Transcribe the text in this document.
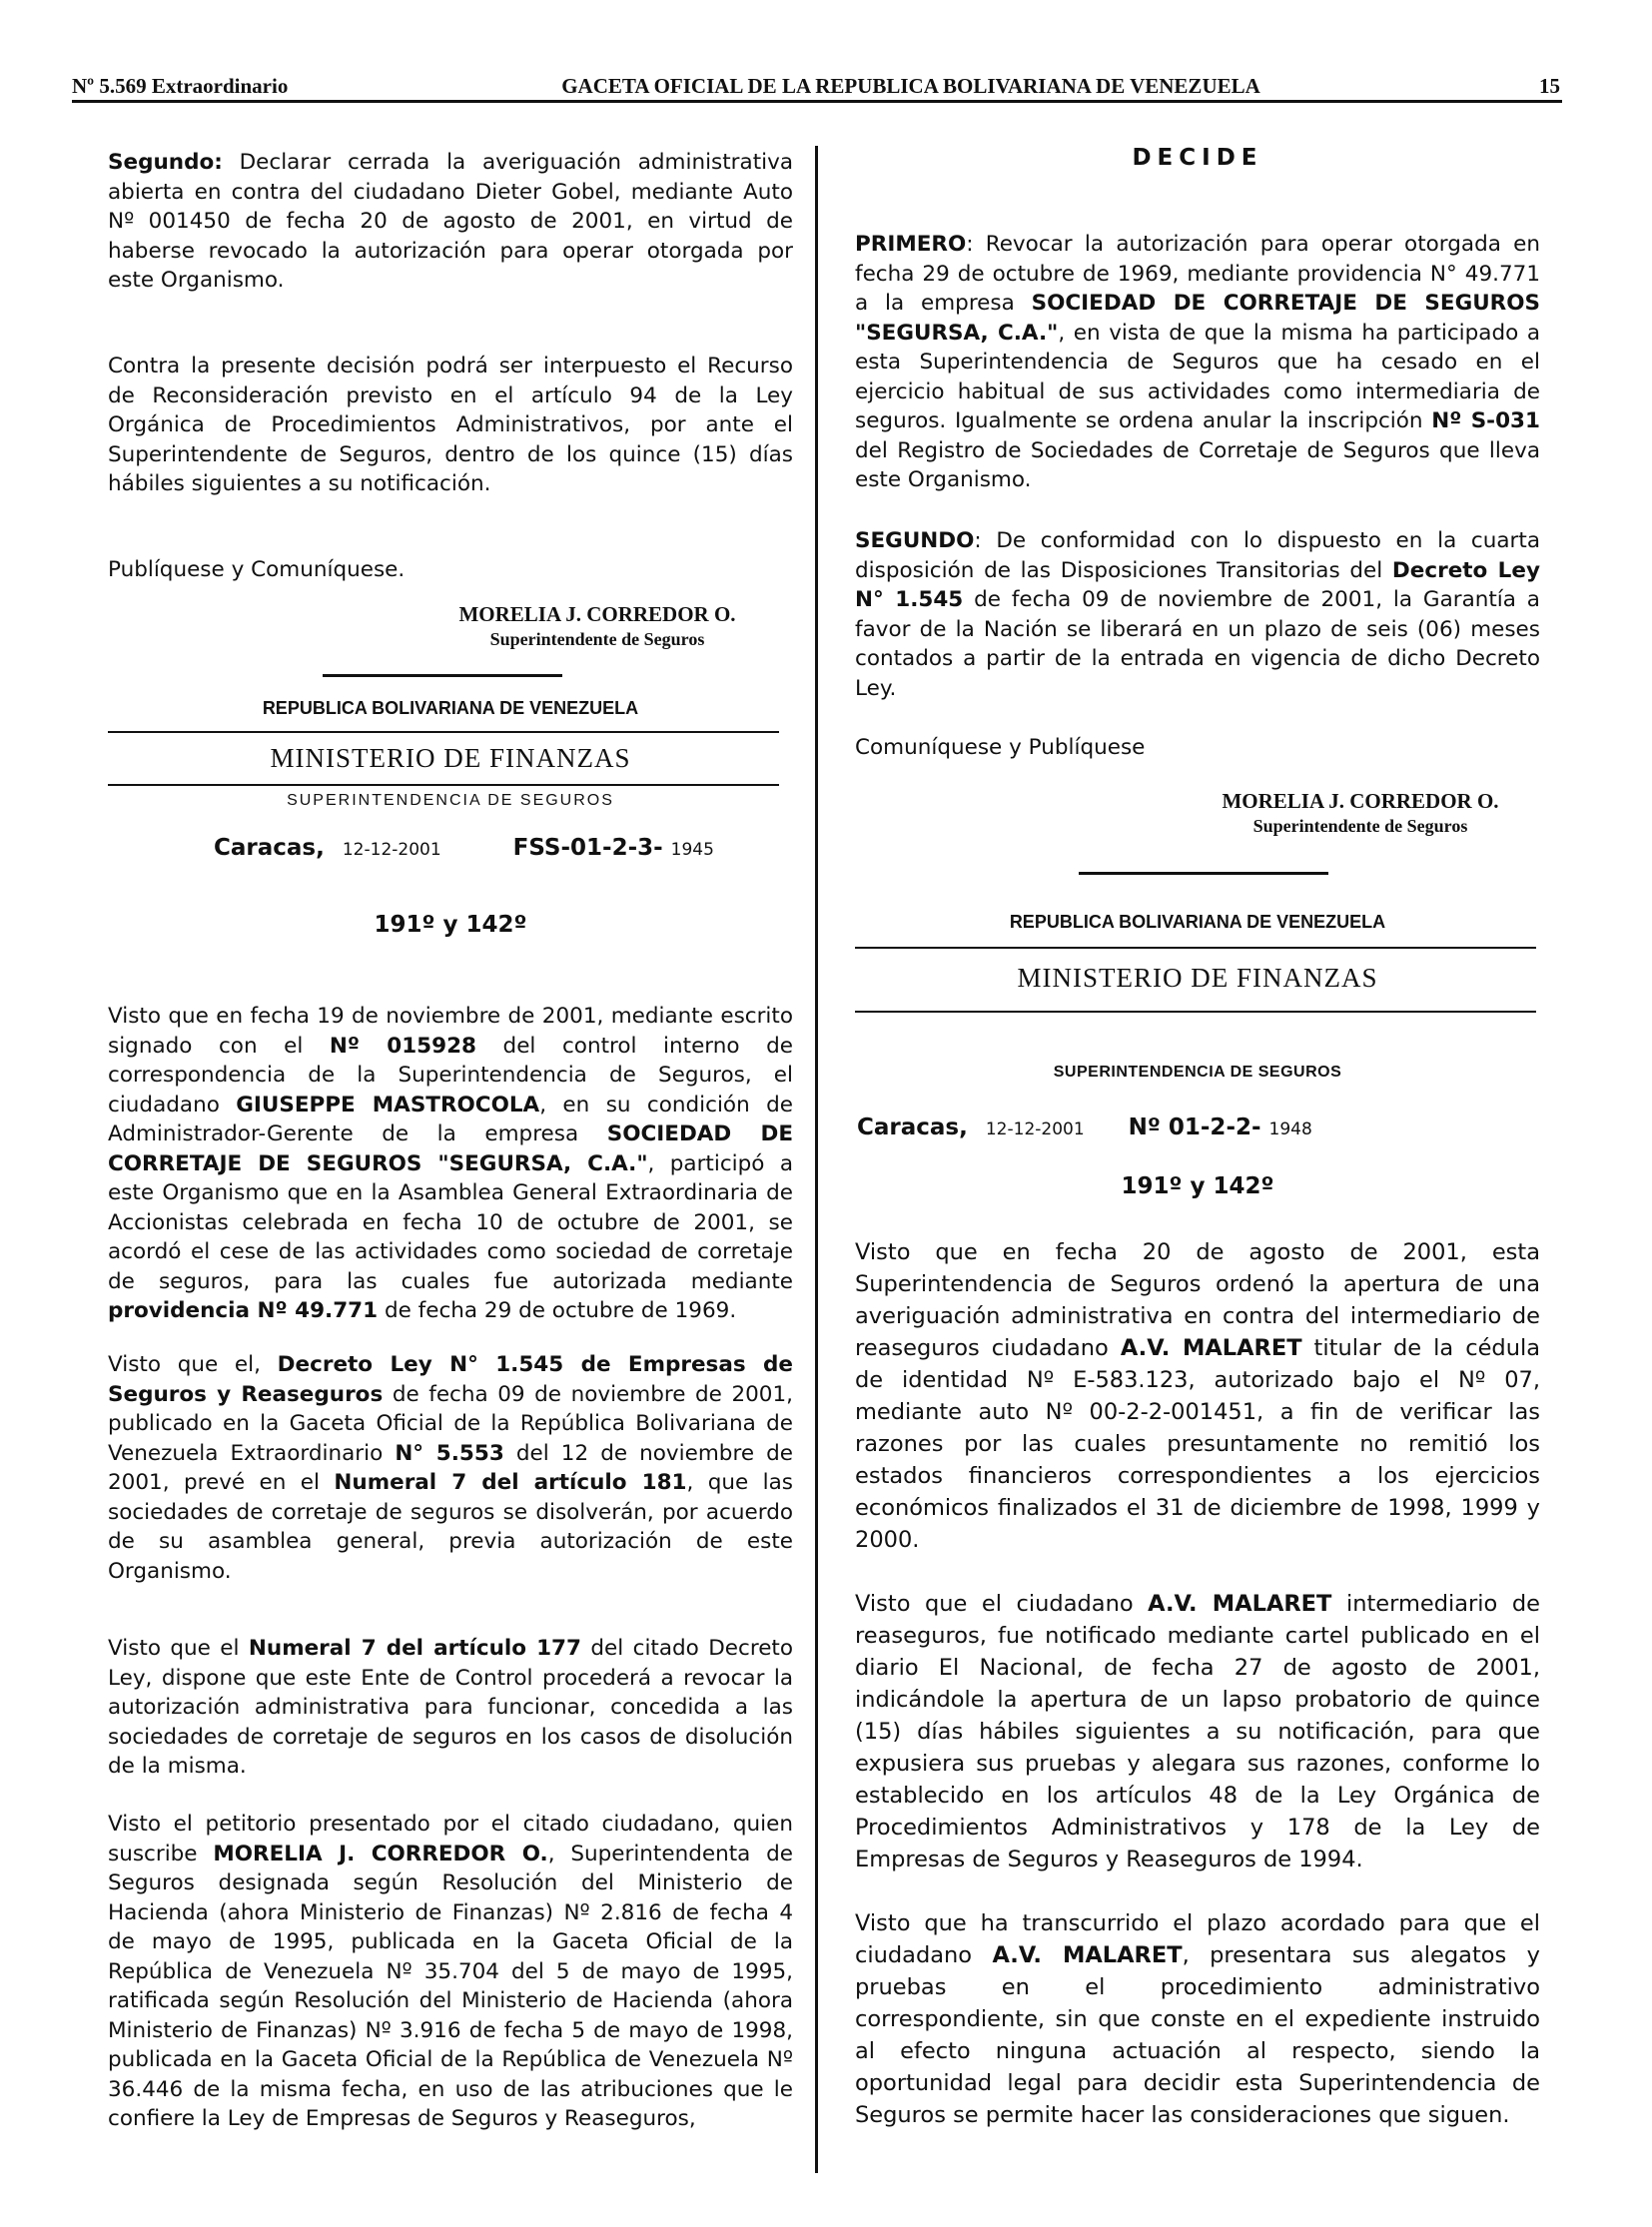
Nº 5.569 Extraordinario	GACETA OFICIAL DE LA REPUBLICA BOLIVARIANA DE VENEZUELA	15

Segundo: Declarar cerrada la averiguación administrativa abierta en contra del ciudadano Dieter Gobel, mediante Auto Nº 001450 de fecha 20 de agosto de 2001, en virtud de haberse revocado la autorización para operar otorgada por este Organismo.

Contra la presente decisión podrá ser interpuesto el Recurso de Reconsideración previsto en el artículo 94 de la Ley Orgánica de Procedimientos Administrativos, por ante el Superintendente de Seguros, dentro de los quince (15) días hábiles siguientes a su notificación.

Publíquese y Comuníquese.

MORELIA J. CORREDOR O.
Superintendente de Seguros
REPUBLICA BOLIVARIANA DE VENEZUELA
MINISTERIO DE FINANZAS
SUPERINTENDENCIA DE SEGUROS
Caracas, 12-12-2001	FSS-01-2-3- 1945
191º y 142º

Visto que en fecha 19 de noviembre de 2001, mediante escrito signado con el Nº 015928 del control interno de correspondencia de la Superintendencia de Seguros, el ciudadano GIUSEPPE MASTROCOLA, en su condición de Administrador-Gerente de la empresa SOCIEDAD DE CORRETAJE DE SEGUROS "SEGURSA, C.A.", participó a este Organismo que en la Asamblea General Extraordinaria de Accionistas celebrada en fecha 10 de octubre de 2001, se acordó el cese de las actividades como sociedad de corretaje de seguros, para las cuales fue autorizada mediante providencia Nº 49.771 de fecha 29 de octubre de 1969.

Visto que el, Decreto Ley N° 1.545 de Empresas de Seguros y Reaseguros de fecha 09 de noviembre de 2001, publicado en la Gaceta Oficial de la República Bolivariana de Venezuela Extraordinario N° 5.553 del 12 de noviembre de 2001, prevé en el Numeral 7 del artículo 181, que las sociedades de corretaje de seguros se disolverán, por acuerdo de su asamblea general, previa autorización de este Organismo.

Visto que el Numeral 7 del artículo 177 del citado Decreto Ley, dispone que este Ente de Control procederá a revocar la autorización administrativa para funcionar, concedida a las sociedades de corretaje de seguros en los casos de disolución de la misma.

Visto el petitorio presentado por el citado ciudadano, quien suscribe MORELIA J. CORREDOR O., Superintendenta de Seguros designada según Resolución del Ministerio de Hacienda (ahora Ministerio de Finanzas) Nº 2.816 de fecha 4 de mayo de 1995, publicada en la Gaceta Oficial de la República de Venezuela Nº 35.704 del 5 de mayo de 1995, ratificada según Resolución del Ministerio de Hacienda (ahora Ministerio de Finanzas) Nº 3.916 de fecha 5 de mayo de 1998, publicada en la Gaceta Oficial de la República de Venezuela Nº 36.446 de la misma fecha, en uso de las atribuciones que le confiere la Ley de Empresas de Seguros y Reaseguros,

DECIDE

PRIMERO: Revocar la autorización para operar otorgada en fecha 29 de octubre de 1969, mediante providencia N° 49.771 a la empresa SOCIEDAD DE CORRETAJE DE SEGUROS "SEGURSA, C.A.", en vista de que la misma ha participado a esta Superintendencia de Seguros que ha cesado en el ejercicio habitual de sus actividades como intermediaria de seguros. Igualmente se ordena anular la inscripción Nº S-031 del Registro de Sociedades de Corretaje de Seguros que lleva este Organismo.

SEGUNDO: De conformidad con lo dispuesto en la cuarta disposición de las Disposiciones Transitorias del Decreto Ley N° 1.545 de fecha 09 de noviembre de 2001, la Garantía a favor de la Nación se liberará en un plazo de seis (06) meses contados a partir de la entrada en vigencia de dicho Decreto Ley.

Comuníquese y Publíquese

MORELIA J. CORREDOR O.
Superintendente de Seguros
REPUBLICA BOLIVARIANA DE VENEZUELA
MINISTERIO DE FINANZAS
SUPERINTENDENCIA DE SEGUROS
Caracas, 12-12-2001 Nº 01-2-2- 1948
191º y 142º

Visto que en fecha 20 de agosto de 2001, esta Superintendencia de Seguros ordenó la apertura de una averiguación administrativa en contra del intermediario de reaseguros ciudadano A.V. MALARET titular de la cédula de identidad Nº E-583.123, autorizado bajo el Nº 07, mediante auto Nº 00-2-2-001451, a fin de verificar las razones por las cuales presuntamente no remitió los estados financieros correspondientes a los ejercicios económicos finalizados el 31 de diciembre de 1998, 1999 y 2000.

Visto que el ciudadano A.V. MALARET intermediario de reaseguros, fue notificado mediante cartel publicado en el diario El Nacional, de fecha 27 de agosto de 2001, indicándole la apertura de un lapso probatorio de quince (15) días hábiles siguientes a su notificación, para que expusiera sus pruebas y alegara sus razones, conforme lo establecido en los artículos 48 de la Ley Orgánica de Procedimientos Administrativos y 178 de la Ley de Empresas de Seguros y Reaseguros de 1994.

Visto que ha transcurrido el plazo acordado para que el ciudadano A.V. MALARET, presentara sus alegatos y pruebas en el procedimiento administrativo correspondiente, sin que conste en el expediente instruido al efecto ninguna actuación al respecto, siendo la oportunidad legal para decidir esta Superintendencia de Seguros se permite hacer las consideraciones que siguen.
